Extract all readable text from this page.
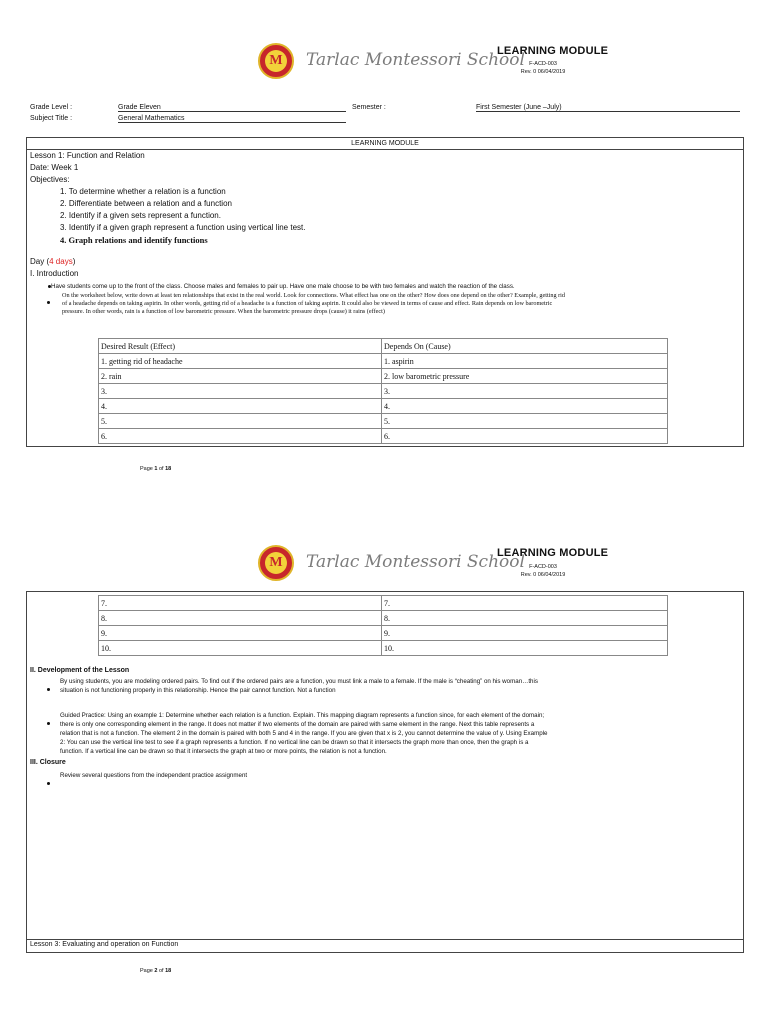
M Tarlac Montessori School
LEARNING MODULE
F-ACD-003
Rev. 0 06/04/2019
Grade Level :	Grade Eleven	Semester :	First Semester (June –July)
Subject Title :	General Mathematics
LEARNING MODULE
Lesson 1: Function and Relation
Date: Week 1
Objectives:
1. To determine whether a relation is a function
2. Differentiate between a relation and a function
2. Identify if a given sets represent a function.
3. Identify if a given graph represent a function using vertical line test.
4. Graph relations and identify functions
Day (4 days)
I. Introduction
Have students come up to the front of the class. Choose males and females to pair up. Have one male choose to be with two females and watch the reaction of the class.
On the worksheet below, write down at least ten relationships that exist in the real world. Look for connections. What effect has one on the other? How does one depend on the other? Example, getting rid
of a headache depends on taking aspirin. In other words, getting rid of a headache is a function of taking aspirin. It could also be viewed in terms of cause and effect. Rain depends on low barometric
pressure. In other words, rain is a function of low barometric pressure. When the barometric pressure drops (cause) it rains (effect)
Desired Result (Effect)	Depends On (Cause)
1. getting rid of headache	1. aspirin
2. rain	2. low barometric pressure
3.	3.
4.	4.
5.	5.
6.	6.
Page 1 of 18
M Tarlac Montessori School
LEARNING MODULE
F-ACD-003
Rev. 0 06/04/2019
7.	7.
8.	8.
9.	9.
10.	10.
II. Development of the Lesson
By using students, you are modeling ordered pairs. To find out if the ordered pairs are a function, you must link a male to a female. If the male is “cheating” on his woman…this
situation is not functioning properly in this relationship. Hence the pair cannot function. Not a function
Guided Practice: Using an example 1: Determine whether each relation is a function. Explain. This mapping diagram represents a function since, for each element of the domain;
there is only one corresponding element in the range. It does not matter if two elements of the domain are paired with same element in the range. Next this table represents a
relation that is not a function. The element 2 in the domain is paired with both 5 and 4 in the range. If you are given that x is 2, you cannot determine the value of y. Using Example
2: You can use the vertical line test to see if a graph represents a function. If no vertical line can be drawn so that it intersects the graph more than once, then the graph is a
function. If a vertical line can be drawn so that it intersects the graph at two or more points, the relation is not a function.
III. Closure
Review several questions from the independent practice assignment
Lesson 3: Evaluating and operation on Function
Page 2 of 18
